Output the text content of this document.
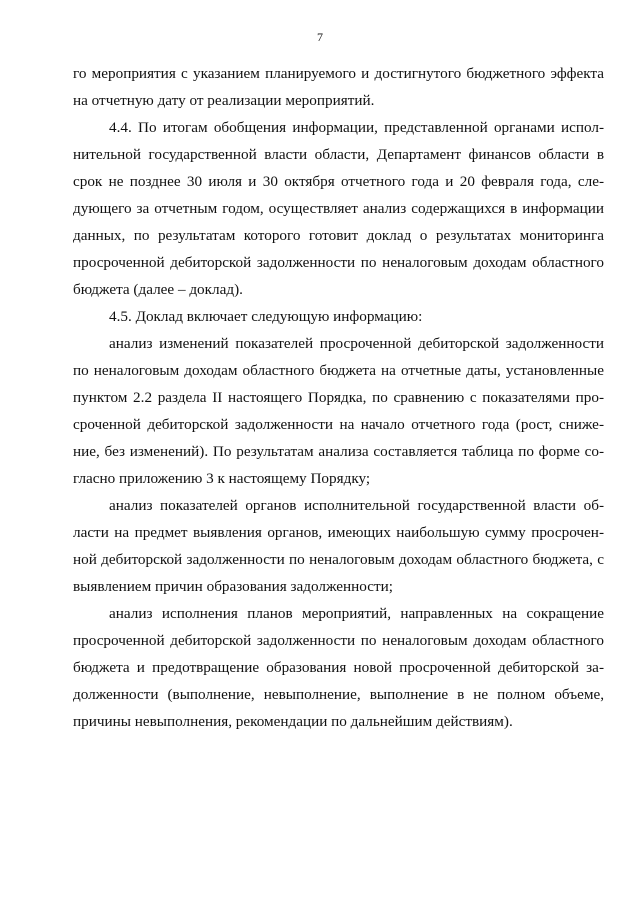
7

го мероприятия с указанием планируемого и достигнутого бюджетного эффекта на отчетную дату от реализации мероприятий.

4.4. По итогам обобщения информации, представленной органами исполнительной государственной власти области, Департамент финансов области в срок не позднее 30 июля и 30 октября отчетного года и 20 февраля года, следующего за отчетным годом, осуществляет анализ содержащихся в информации данных, по результатам которого готовит доклад о результатах мониторинга просроченной дебиторской задолженности по неналоговым доходам областного бюджета (далее – доклад).

4.5. Доклад включает следующую информацию:

анализ изменений показателей просроченной дебиторской задолженности по неналоговым доходам областного бюджета на отчетные даты, установленные пунктом 2.2 раздела II настоящего Порядка, по сравнению с показателями просроченной дебиторской задолженности на начало отчетного года (рост, снижение, без изменений). По результатам анализа составляется таблица по форме согласно приложению 3 к настоящему Порядку;

анализ показателей органов исполнительной государственной власти области на предмет выявления органов, имеющих наибольшую сумму просроченной дебиторской задолженности по неналоговым доходам областного бюджета, с выявлением причин образования задолженности;

анализ исполнения планов мероприятий, направленных на сокращение просроченной дебиторской задолженности по неналоговым доходам областного бюджета и предотвращение образования новой просроченной дебиторской задолженности (выполнение, невыполнение, выполнение в не полном объеме, причины невыполнения, рекомендации по дальнейшим действиям).
